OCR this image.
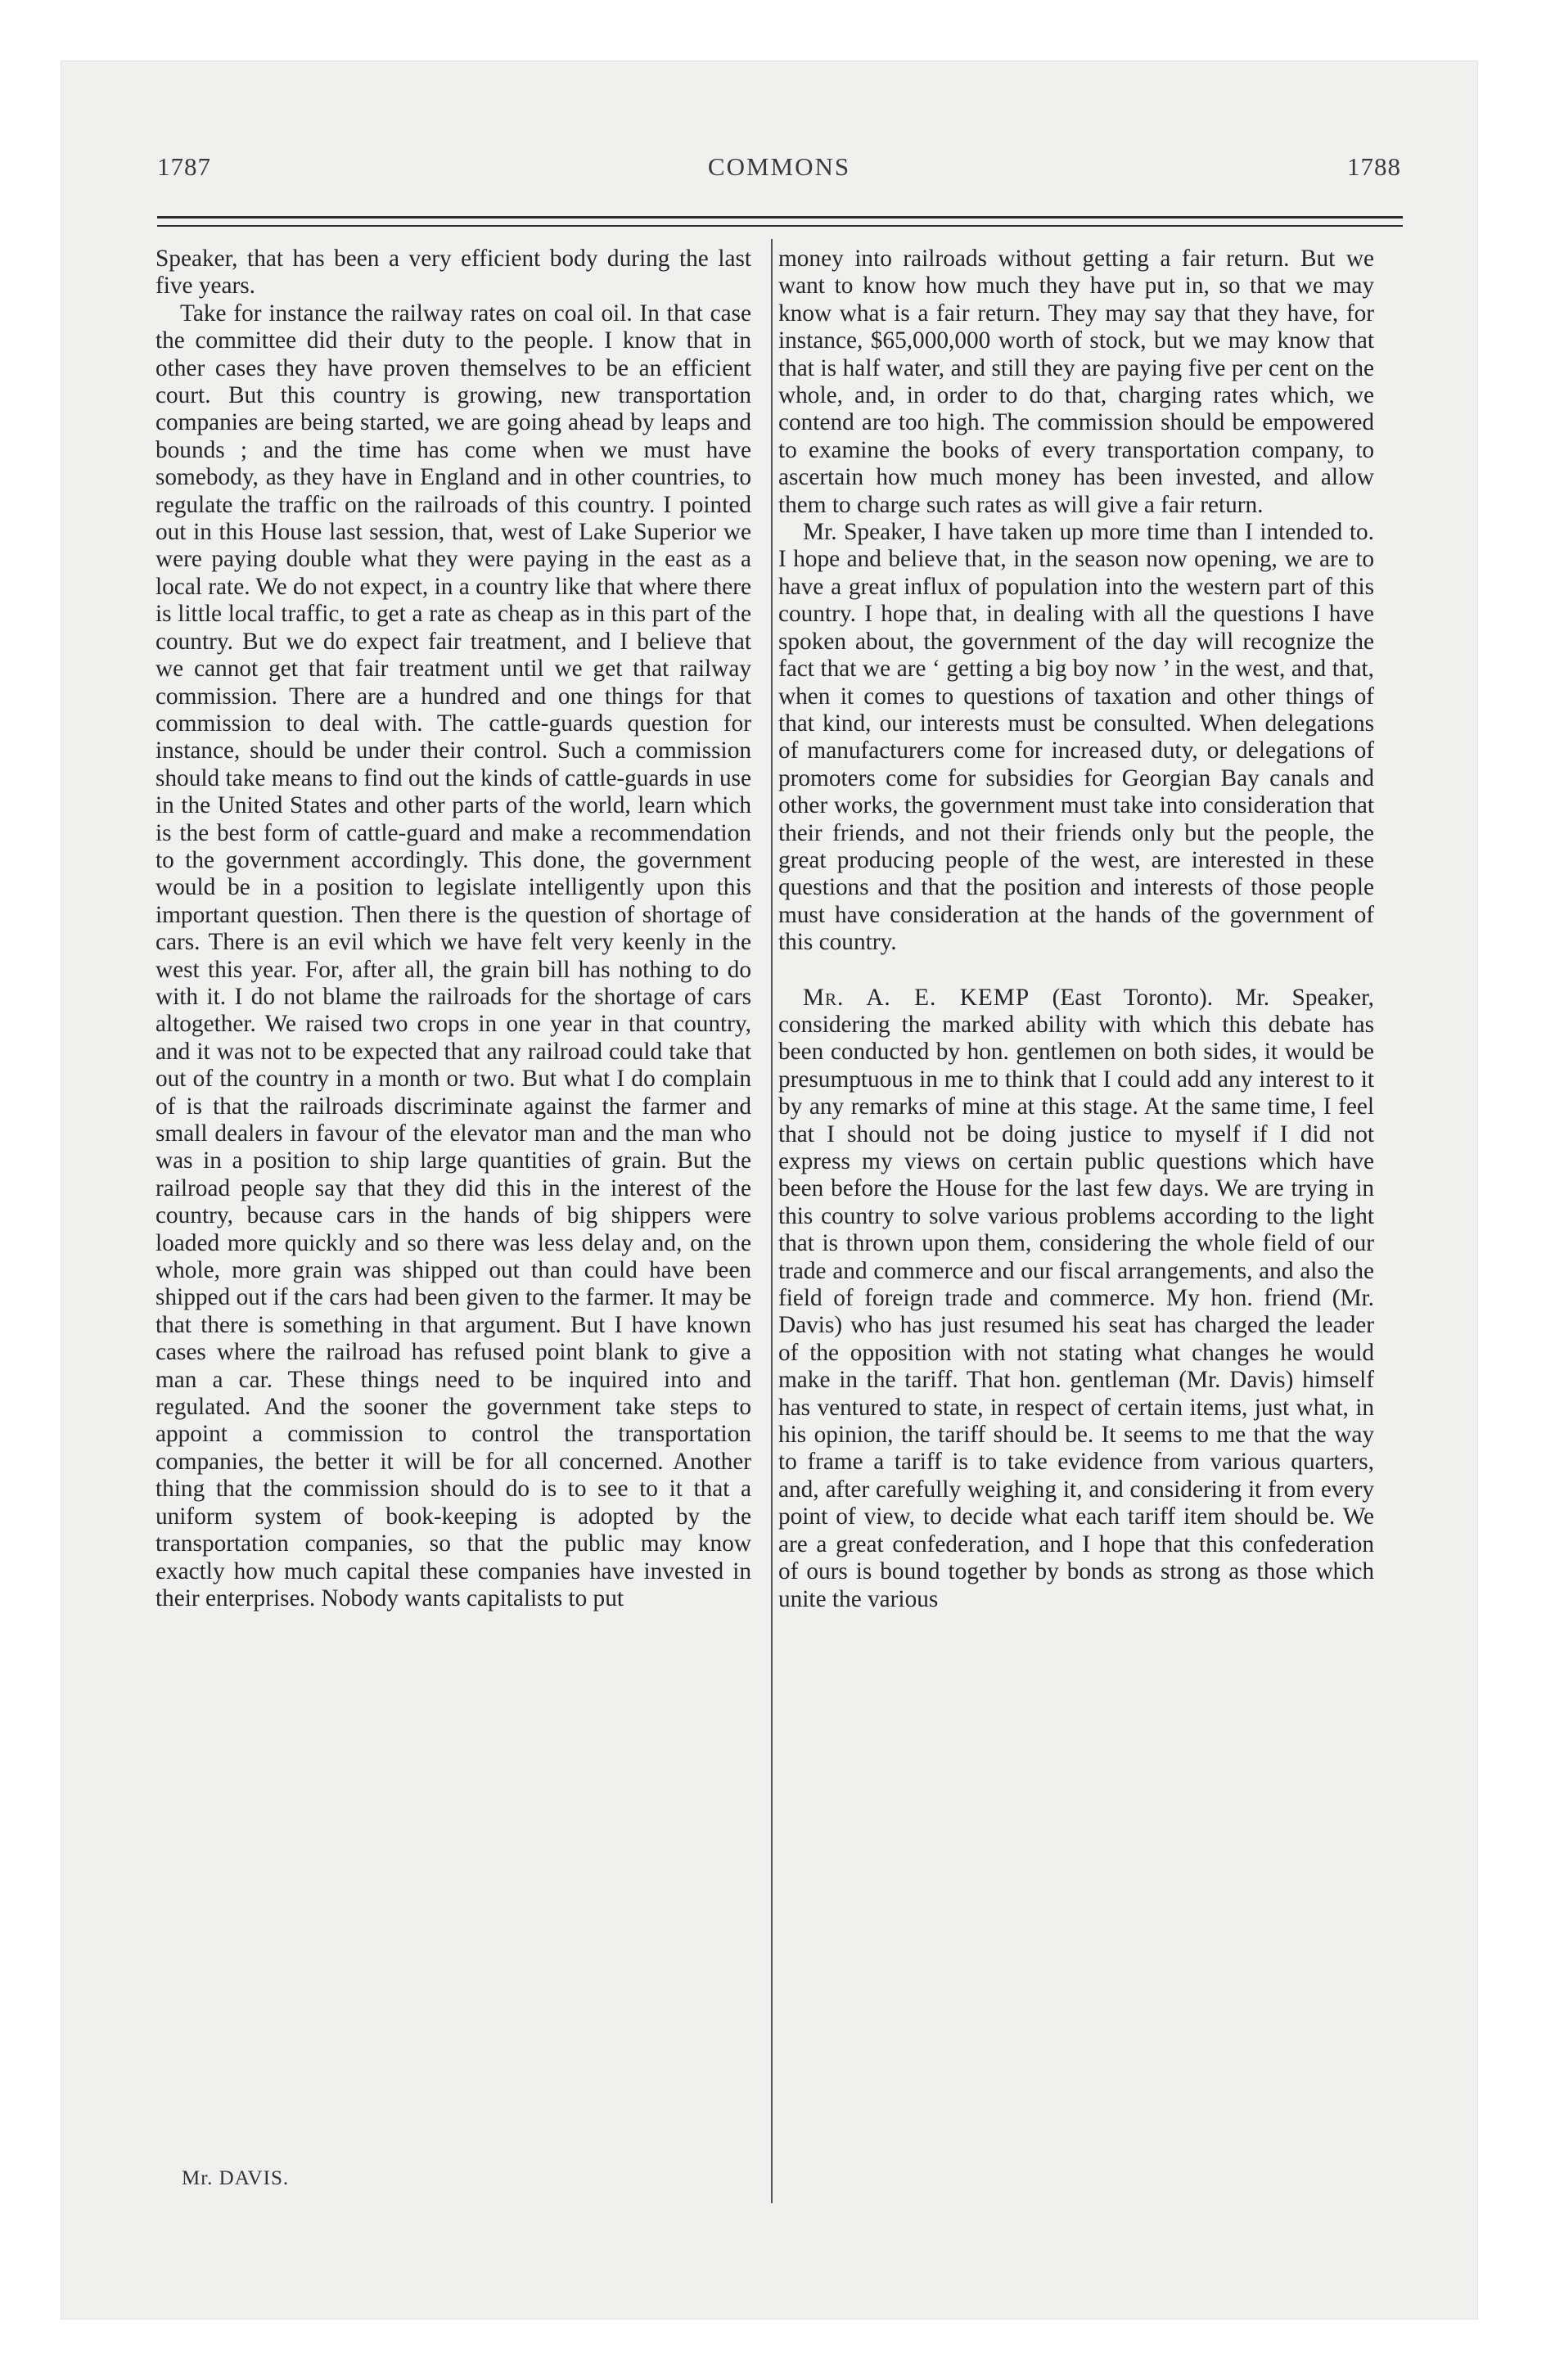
1787	COMMONS	1788

Speaker, that has been a very efficient body during the last five years.

Take for instance the railway rates on coal oil. In that case the committee did their duty to the people. I know that in other cases they have proven themselves to be an efficient court. But this country is growing, new transportation companies are being started, we are going ahead by leaps and bounds ; and the time has come when we must have somebody, as they have in England and in other countries, to regulate the traffic on the railroads of this country. I pointed out in this House last session, that, west of Lake Superior we were paying double what they were paying in the east as a local rate. We do not expect, in a country like that where there is little local traffic, to get a rate as cheap as in this part of the country. But we do expect fair treatment, and I believe that we cannot get that fair treatment until we get that railway commission. There are a hundred and one things for that commission to deal with. The cattle-guards question for instance, should be under their control. Such a commission should take means to find out the kinds of cattle-guards in use in the United States and other parts of the world, learn which is the best form of cattle-guard and make a recommendation to the government accordingly. This done, the government would be in a position to legislate intelligently upon this important question. Then there is the question of shortage of cars. There is an evil which we have felt very keenly in the west this year. For, after all, the grain bill has nothing to do with it. I do not blame the railroads for the shortage of cars altogether. We raised two crops in one year in that country, and it was not to be expected that any railroad could take that out of the country in a month or two. But what I do complain of is that the railroads discriminate against the farmer and small dealers in favour of the elevator man and the man who was in a position to ship large quantities of grain. But the railroad people say that they did this in the interest of the country, because cars in the hands of big shippers were loaded more quickly and so there was less delay and, on the whole, more grain was shipped out than could have been shipped out if the cars had been given to the farmer. It may be that there is something in that argument. But I have known cases where the railroad has refused point blank to give a man a car. These things need to be inquired into and regulated. And the sooner the government take steps to appoint a commission to control the transportation companies, the better it will be for all concerned. Another thing that the commission should do is to see to it that a uniform system of book-keeping is adopted by the transportation companies, so that the public may know exactly how much capital these companies have invested in their enterprises. Nobody wants capitalists to put

money into railroads without getting a fair return. But we want to know how much they have put in, so that we may know what is a fair return. They may say that they have, for instance, $65,000,000 worth of stock, but we may know that that is half water, and still they are paying five per cent on the whole, and, in order to do that, charging rates which, we contend are too high. The commission should be empowered to examine the books of every transportation company, to ascertain how much money has been invested, and allow them to charge such rates as will give a fair return.

Mr. Speaker, I have taken up more time than I intended to. I hope and believe that, in the season now opening, we are to have a great influx of population into the western part of this country. I hope that, in dealing with all the questions I have spoken about, the government of the day will recognize the fact that we are ‘ getting a big boy now ’ in the west, and that, when it comes to questions of taxation and other things of that kind, our interests must be consulted. When delegations of manufacturers come for increased duty, or delegations of promoters come for subsidies for Georgian Bay canals and other works, the government must take into consideration that their friends, and not their friends only but the people, the great producing people of the west, are interested in these questions and that the position and interests of those people must have consideration at the hands of the government of this country.

Mr. A. E. KEMP (East Toronto). Mr. Speaker, considering the marked ability with which this debate has been conducted by hon. gentlemen on both sides, it would be presumptuous in me to think that I could add any interest to it by any remarks of mine at this stage. At the same time, I feel that I should not be doing justice to myself if I did not express my views on certain public questions which have been before the House for the last few days. We are trying in this country to solve various problems according to the light that is thrown upon them, considering the whole field of our trade and commerce and our fiscal arrangements, and also the field of foreign trade and commerce. My hon. friend (Mr. Davis) who has just resumed his seat has charged the leader of the opposition with not stating what changes he would make in the tariff. That hon. gentleman (Mr. Davis) himself has ventured to state, in respect of certain items, just what, in his opinion, the tariff should be. It seems to me that the way to frame a tariff is to take evidence from various quarters, and, after carefully weighing it, and considering it from every point of view, to decide what each tariff item should be. We are a great confederation, and I hope that this confederation of ours is bound together by bonds as strong as those which unite the various

Mr. DAVIS.
